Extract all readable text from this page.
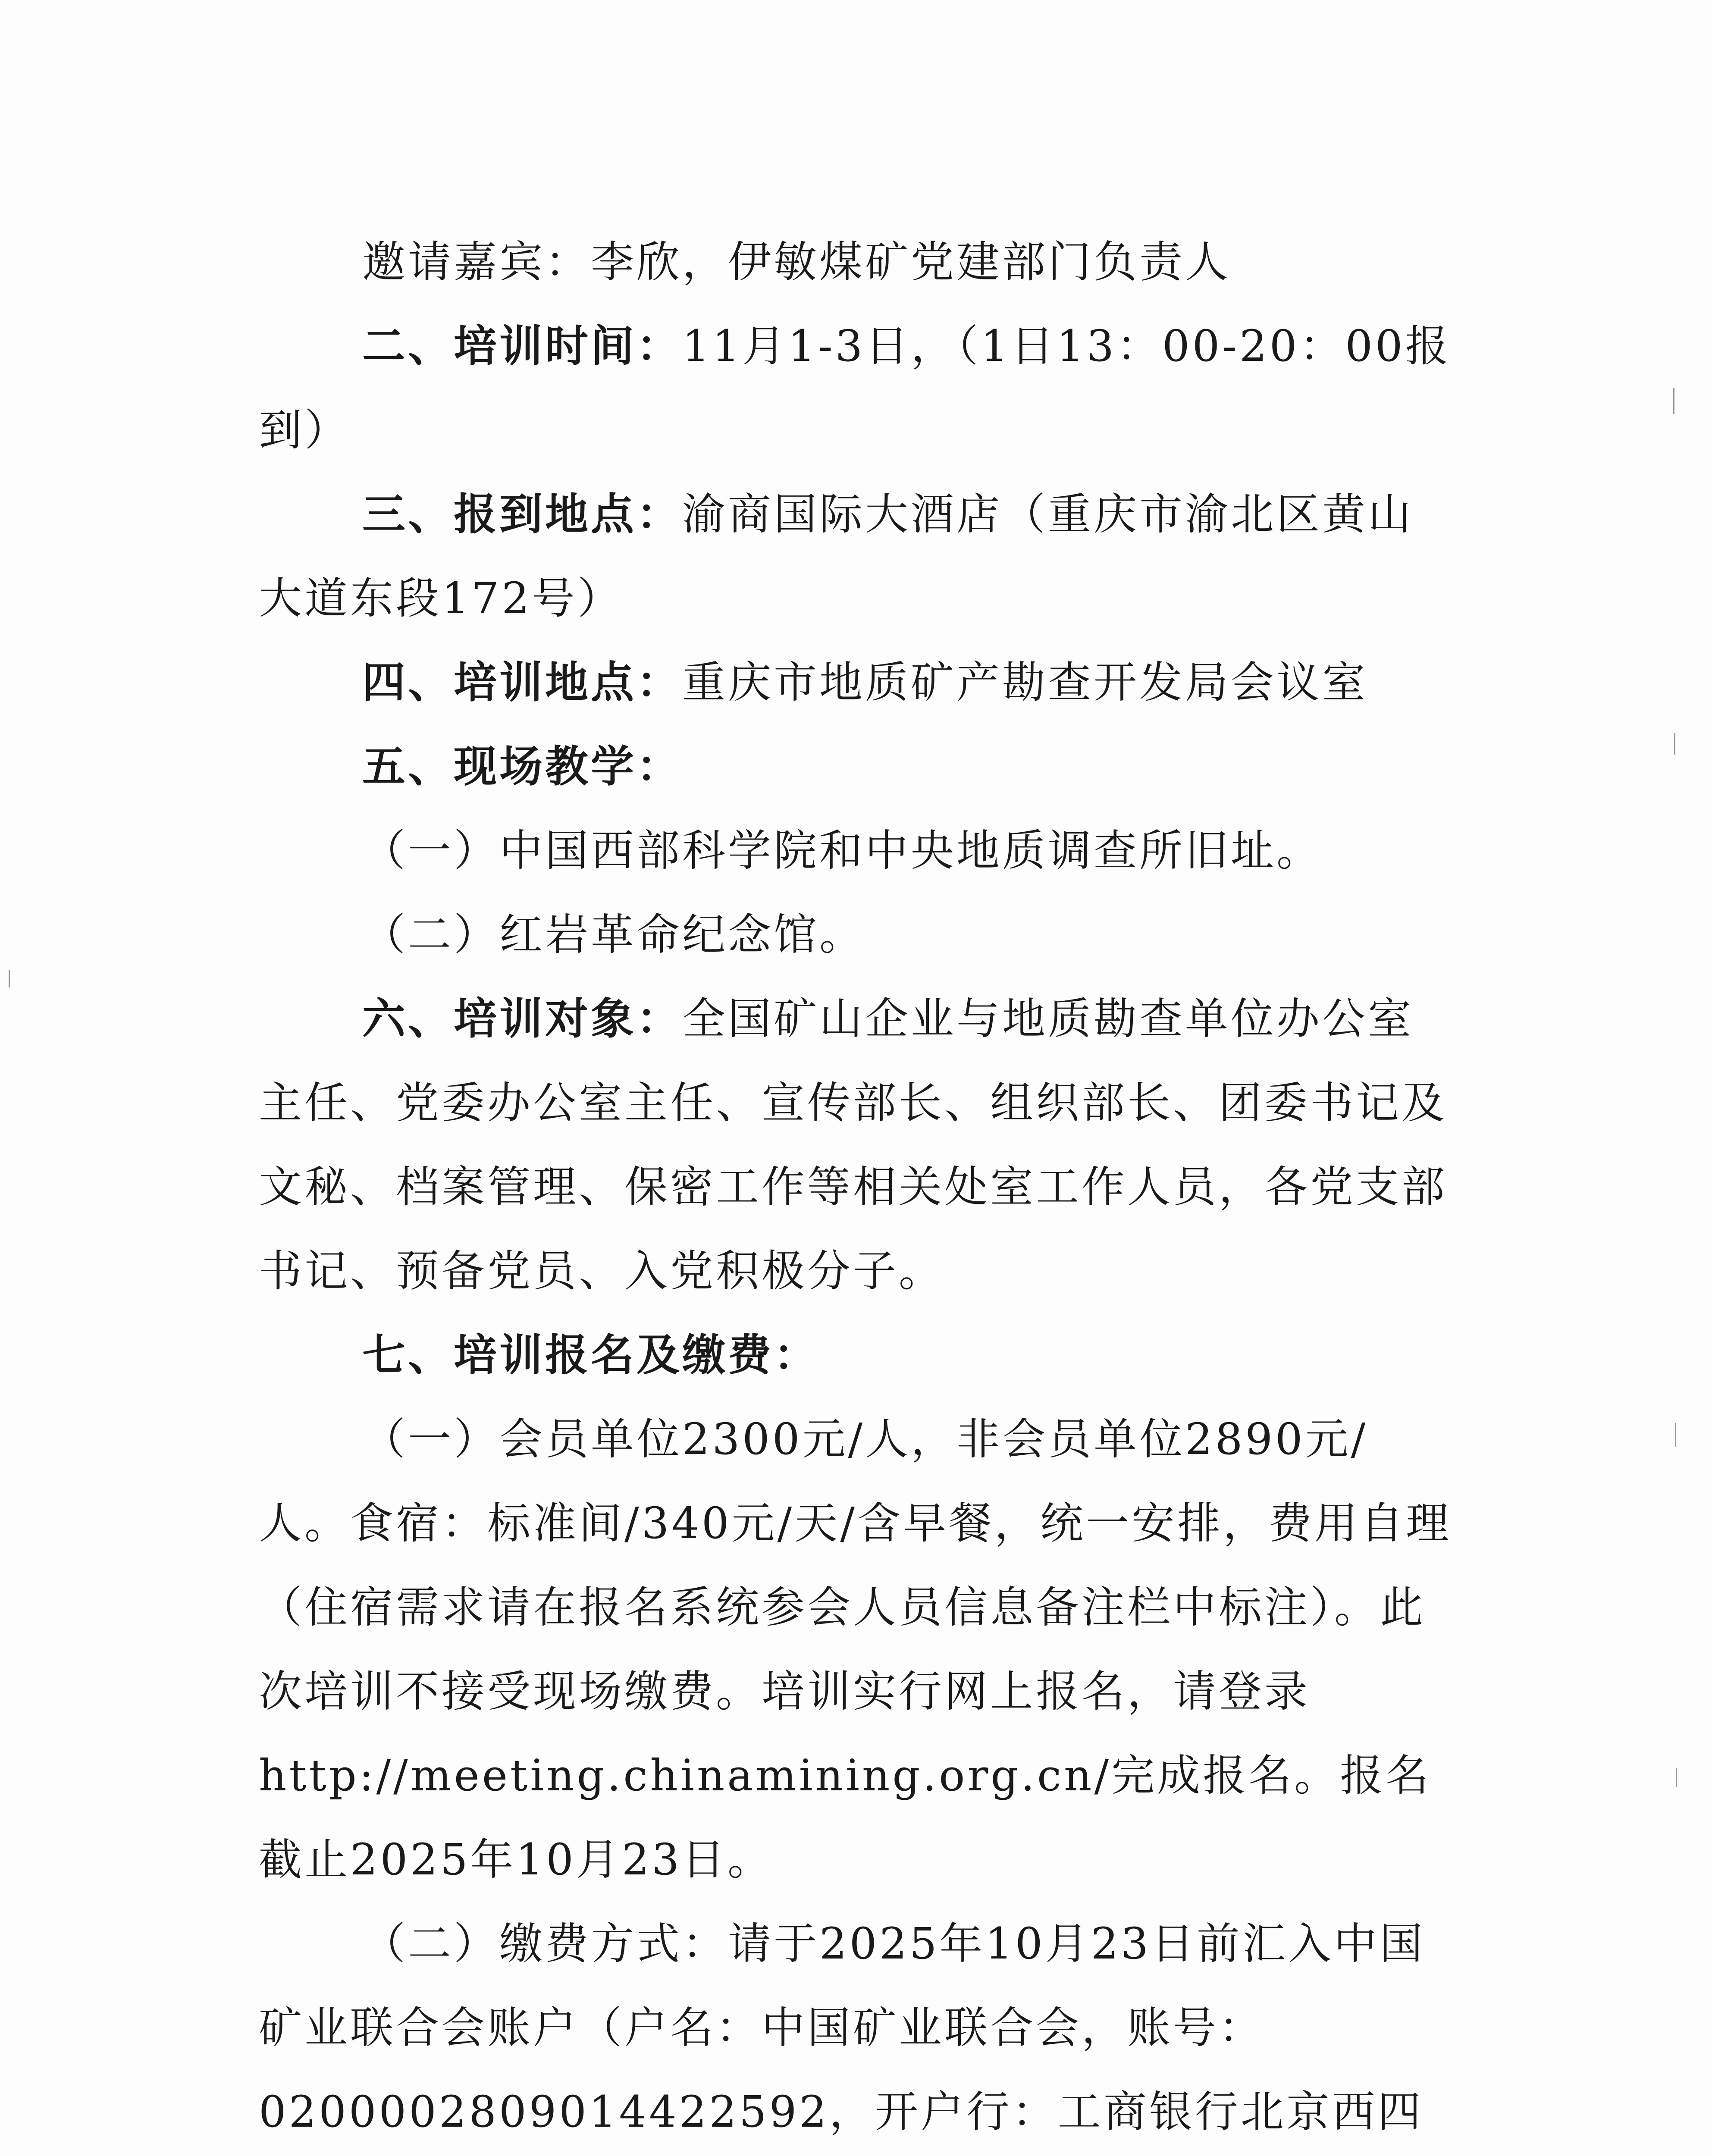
邀请嘉宾：李欣，伊敏煤矿党建部门负责人

二、培训时间：11月1-3日，（1日13：00-20：00报到）

三、报到地点：渝商国际大酒店（重庆市渝北区黄山大道东段172号）

四、培训地点：重庆市地质矿产勘查开发局会议室

五、现场教学：

（一）中国西部科学院和中央地质调查所旧址。

（二）红岩革命纪念馆。

六、培训对象：全国矿山企业与地质勘查单位办公室主任、党委办公室主任、宣传部长、组织部长、团委书记及文秘、档案管理、保密工作等相关处室工作人员，各党支部书记、预备党员、入党积极分子。

七、培训报名及缴费：

（一）会员单位2300元/人，非会员单位2890元/人。食宿：标准间/340元/天/含早餐，统一安排，费用自理（住宿需求请在报名系统参会人员信息备注栏中标注）。此次培训不接受现场缴费。培训实行网上报名，请登录http://meeting.chinamining.org.cn/完成报名。报名截止2025年10月23日。

（二）缴费方式：请于2025年10月23日前汇入中国矿业联合会账户（户名：中国矿业联合会，账号：0200002809014422592，开户行：工商银行北京西四
